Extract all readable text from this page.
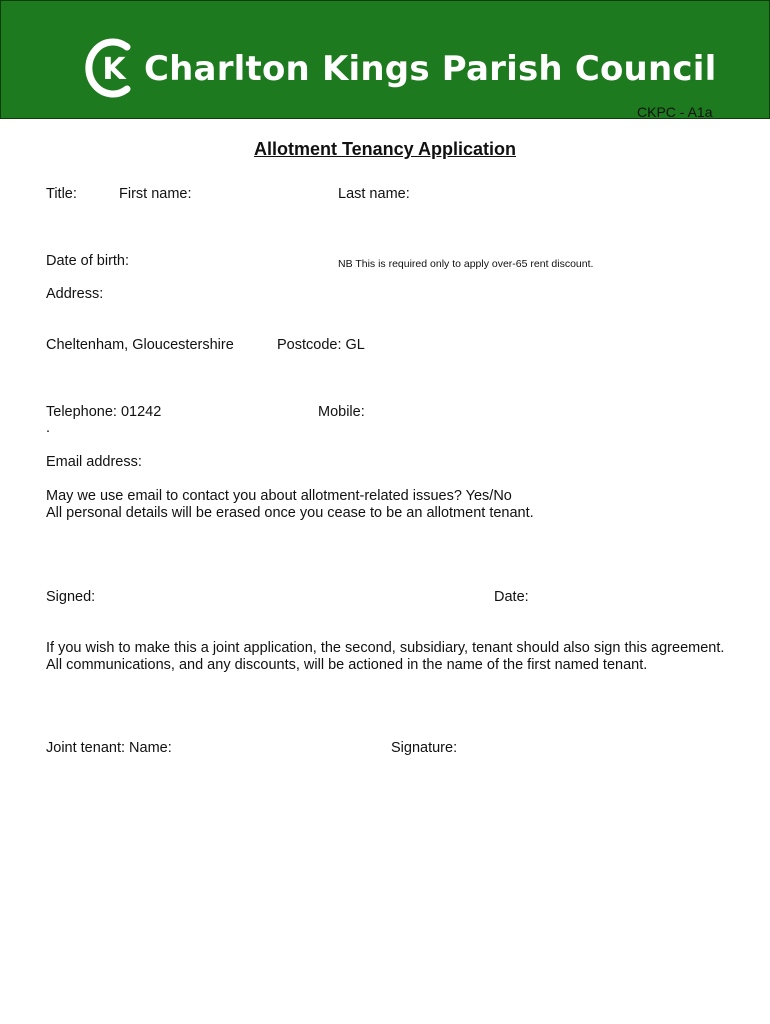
K Charlton Kings Parish Council
CKPC - A1a
Allotment Tenancy Application
Title:	First name:	Last name:
Date of birth:	NB This is required only to apply over-65 rent discount.
Address:
Cheltenham, Gloucestershire	Postcode: GL
Telephone: 01242	Mobile:
.
Email address:
May we use email to contact you about allotment-related issues? Yes/No
All personal details will be erased once you cease to be an allotment tenant.
Signed:	Date:
If you wish to make this a joint application, the second, subsidiary, tenant should also sign this agreement. All communications, and any discounts, will be actioned in the name of the first named tenant.
Joint tenant: Name:	Signature:
